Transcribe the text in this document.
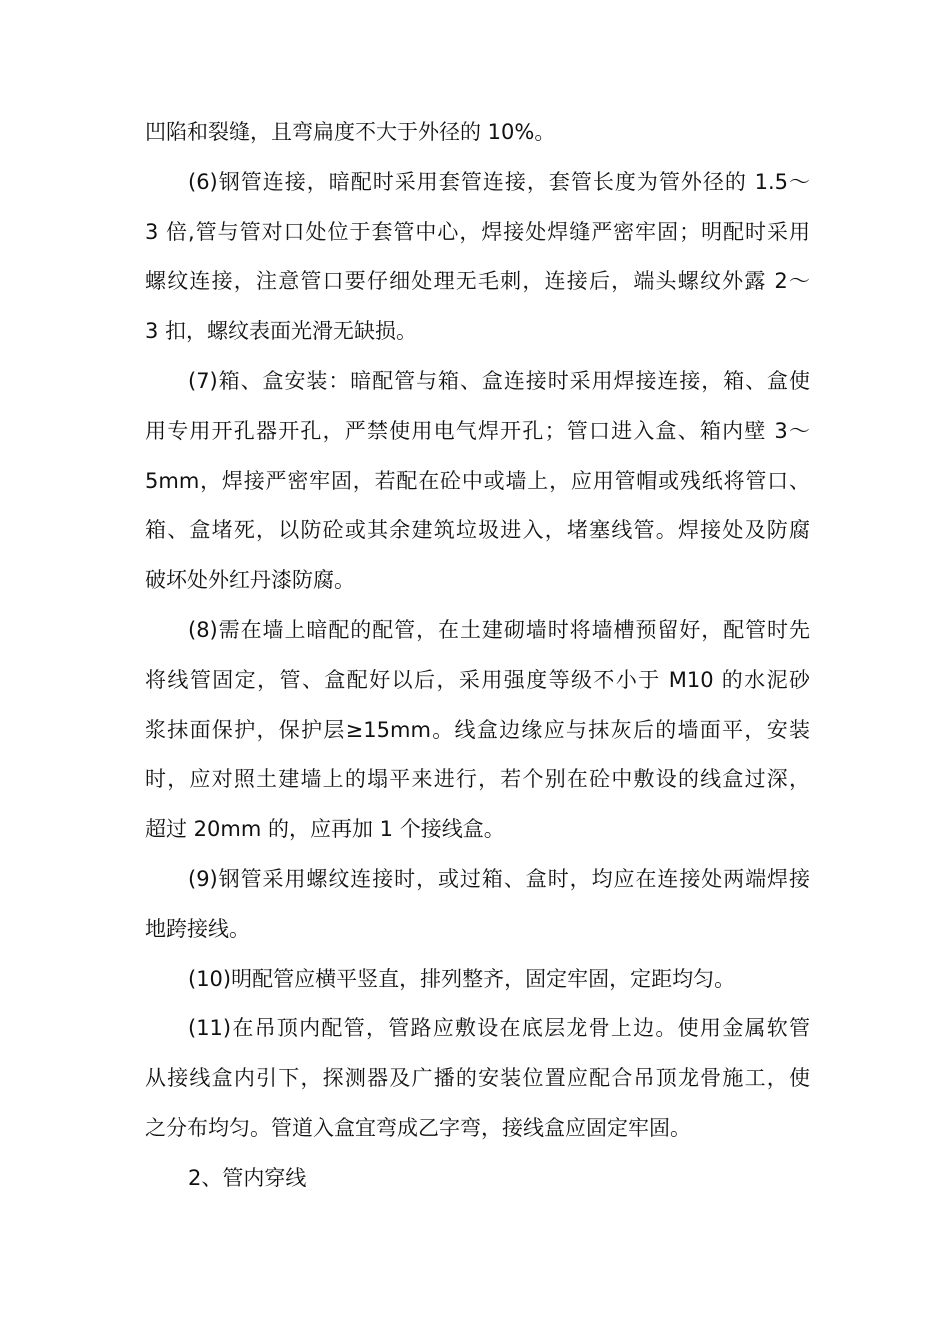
凹陷和裂缝，且弯扁度不大于外径的 10%。
(6)钢管连接，暗配时采用套管连接，套管长度为管外径的 1.5～
3 倍,管与管对口处位于套管中心，焊接处焊缝严密牢固；明配时采用
螺纹连接，注意管口要仔细处理无毛刺，连接后，端头螺纹外露 2～
3 扣，螺纹表面光滑无缺损。
(7)箱、盒安装：暗配管与箱、盒连接时采用焊接连接，箱、盒使
用专用开孔器开孔，严禁使用电气焊开孔；管口进入盒、箱内壁 3～
5mm，焊接严密牢固，若配在砼中或墙上，应用管帽或残纸将管口、
箱、盒堵死，以防砼或其余建筑垃圾进入，堵塞线管。焊接处及防腐
破坏处外红丹漆防腐。
(8)需在墙上暗配的配管，在土建砌墙时将墙槽预留好，配管时先
将线管固定，管、盒配好以后，采用强度等级不小于 M10 的水泥砂
浆抹面保护，保护层≥15mm。线盒边缘应与抹灰后的墙面平，安装
时，应对照土建墙上的塌平来进行，若个别在砼中敷设的线盒过深，
超过 20mm 的，应再加 1 个接线盒。
(9)钢管采用螺纹连接时，或过箱、盒时，均应在连接处两端焊接
地跨接线。
(10)明配管应横平竖直，排列整齐，固定牢固，定距均匀。
(11)在吊顶内配管，管路应敷设在底层龙骨上边。使用金属软管
从接线盒内引下，探测器及广播的安装位置应配合吊顶龙骨施工，使
之分布均匀。管道入盒宜弯成乙字弯，接线盒应固定牢固。
2、管内穿线
